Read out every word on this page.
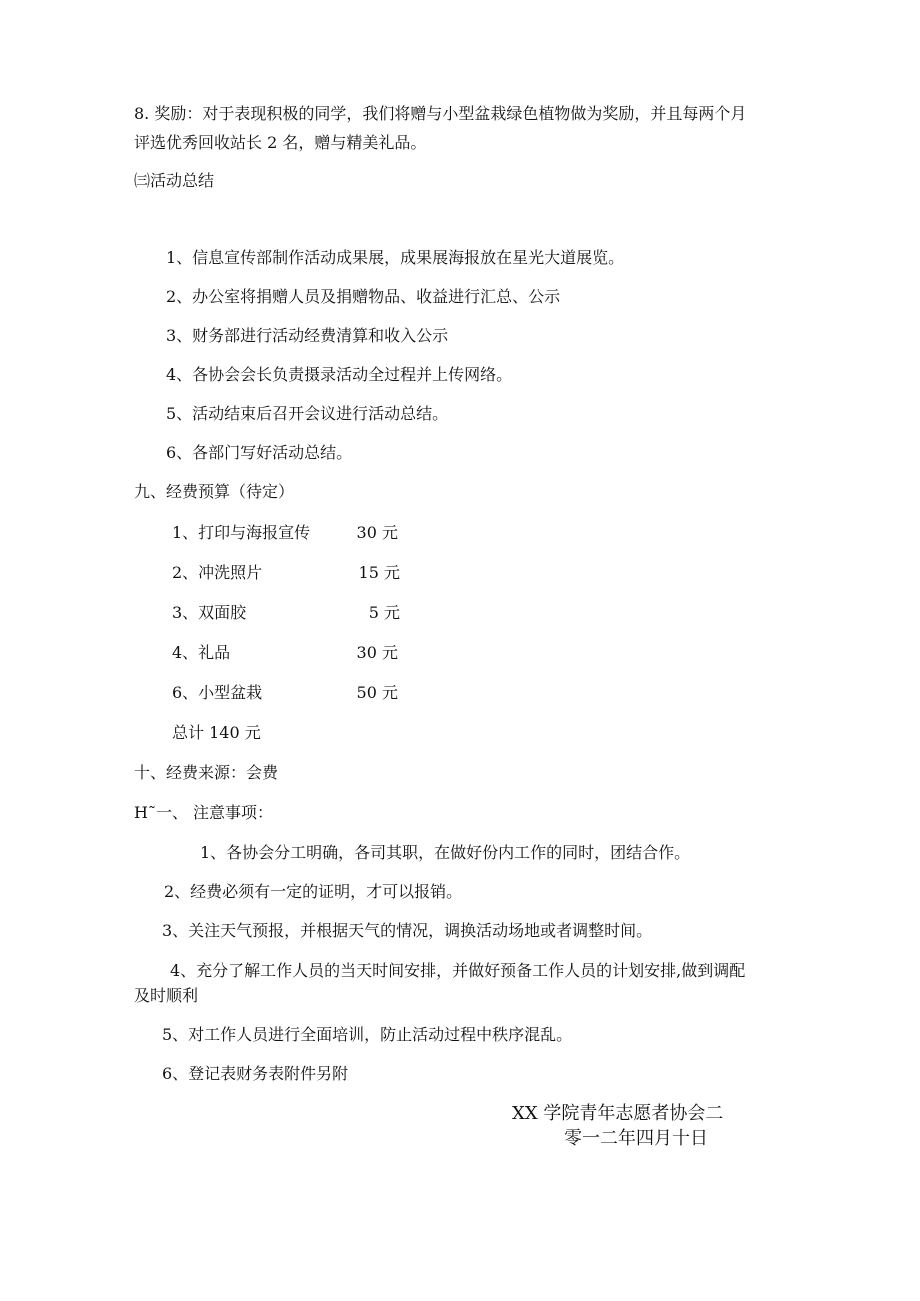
8. 奖励：对于表现积极的同学，我们将赠与小型盆栽绿色植物做为奖励，并且每两个月
评选优秀回收站长 2 名，赠与精美礼品。
㈢活动总结
1、信息宣传部制作活动成果展，成果展海报放在星光大道展览。
2、办公室将捐赠人员及捐赠物品、收益进行汇总、公示
3、财务部进行活动经费清算和收入公示
4、各协会会长负责摄录活动全过程并上传网络。
5、活动结束后召开会议进行活动总结。
6、各部门写好活动总结。
九、经费预算（待定）
1、打印与海报宣传	30 元
2、冲洗照片	15 元
3、双面胶	5 元
4、礼品	30 元
6、小型盆栽	50 元
总计 140 元
十、经费来源：会费
H˜一、 注意事项：
1、各协会分工明确，各司其职，在做好份内工作的同时，团结合作。
2、经费必须有一定的证明，才可以报销。
3、关注天气预报，并根据天气的情况，调换活动场地或者调整时间。
4、充分了解工作人员的当天时间安排，并做好预备工作人员的计划安排,做到调配
及时顺利
5、对工作人员进行全面培训，防止活动过程中秩序混乱。
6、登记表财务表附件另附
XX 学院青年志愿者协会二
零一二年四月十日
